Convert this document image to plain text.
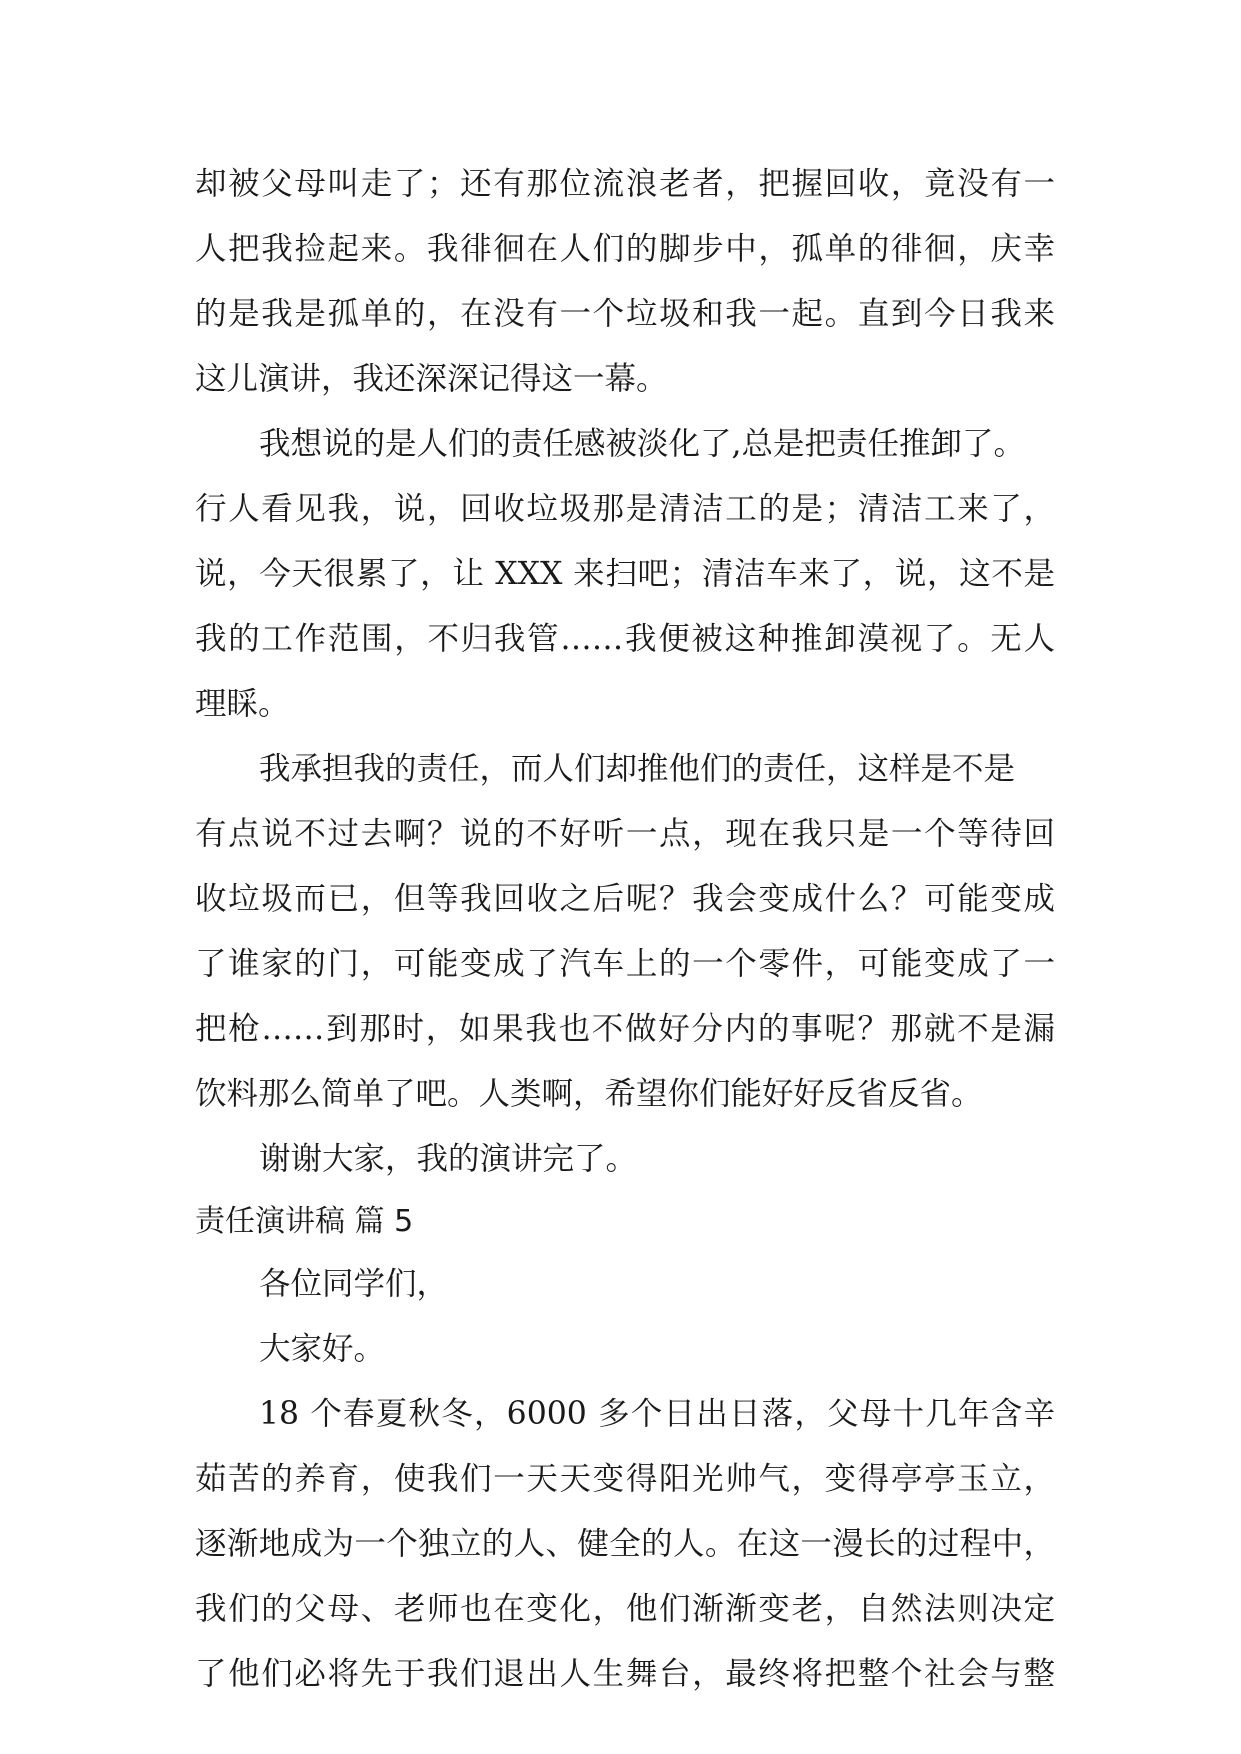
却被父母叫走了；还有那位流浪老者，把握回收，竟没有一
人把我捡起来。我徘徊在人们的脚步中，孤单的徘徊，庆幸
的是我是孤单的，在没有一个垃圾和我一起。直到今日我来
这儿演讲，我还深深记得这一幕。
我想说的是人们的责任感被淡化了,总是把责任推卸了。
行人看见我，说，回收垃圾那是清洁工的是；清洁工来了，
说，今天很累了，让 XXX 来扫吧；清洁车来了，说，这不是
我的工作范围，不归我管……我便被这种推卸漠视了。无人
理睬。
我承担我的责任，而人们却推他们的责任，这样是不是
有点说不过去啊？说的不好听一点，现在我只是一个等待回
收垃圾而已，但等我回收之后呢？我会变成什么？可能变成
了谁家的门，可能变成了汽车上的一个零件，可能变成了一
把枪……到那时，如果我也不做好分内的事呢？那就不是漏
饮料那么简单了吧。人类啊，希望你们能好好反省反省。
谢谢大家，我的演讲完了。
责任演讲稿 篇 5
各位同学们，
大家好。
18 个春夏秋冬，6000 多个日出日落，父母十几年含辛
茹苦的养育，使我们一天天变得阳光帅气，变得亭亭玉立，
逐渐地成为一个独立的人、健全的人。在这一漫长的过程中，
我们的父母、老师也在变化，他们渐渐变老，自然法则决定
了他们必将先于我们退出人生舞台，最终将把整个社会与整
